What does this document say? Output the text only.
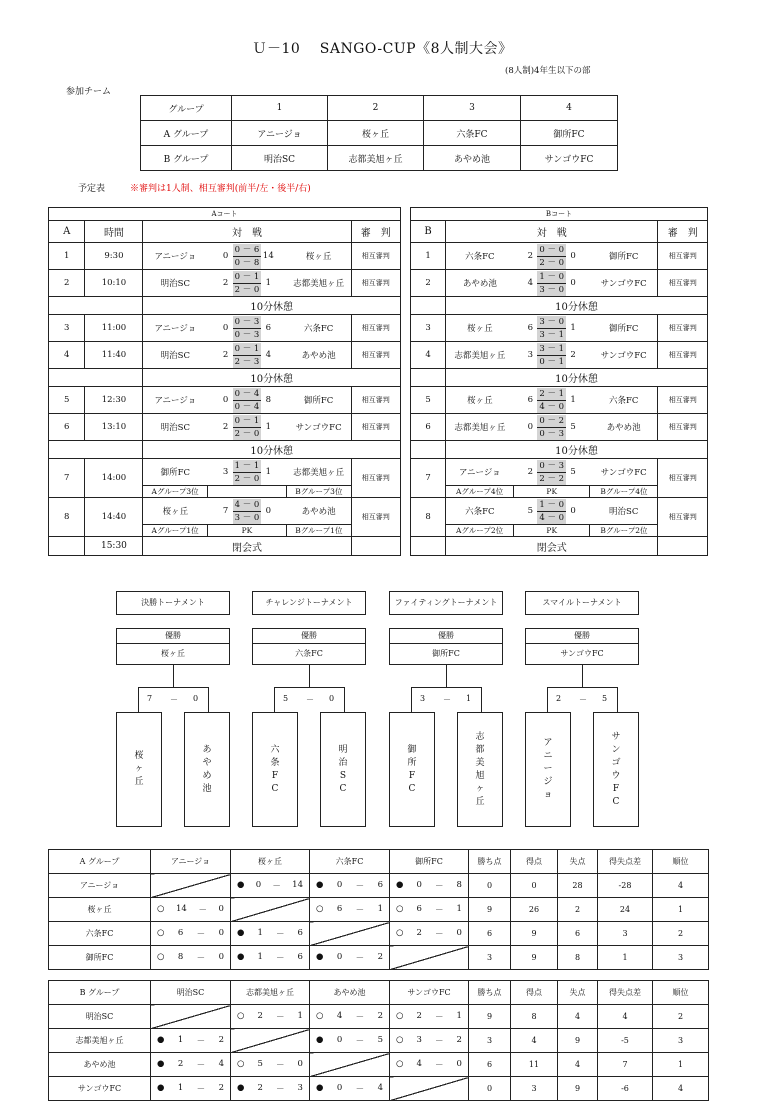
Ｕ－10　 SANGO-CUP《8人制大会》
(8人制)4年生以下の部
参加チーム
グループ	1	2	3	4
A グループ	アニージョ	桜ヶ丘	六条FC	御所FC
B グループ	明治SC	志都美旭ヶ丘	あやめ池	サンゴウFC
予定表	※審判は1人制、相互審判(前半/左・後半/右)
Aコート					
A	時間	対　戦			審　判
1	9:30	アニージョ	$0 \frac{0 - 6}{0 - 8} 14$	桜ヶ丘	相互審判
2	10:10	明治SC	$2 \frac{0 - 1}{2 - 0} 1$	志都美旭ヶ丘	相互審判
		10分休憩			
3	11:00	アニージョ	$0 \frac{0 - 3}{0 - 3} 6$	六条FC	相互審判
4	11:40	明治SC	$2 \frac{0 - 1}{2 - 3} 4$	あやめ池	相互審判
		10分休憩			
5	12:30	アニージョ	$0 \frac{0 - 4}{0 - 4} 8$	御所FC	相互審判
6	13:10	明治SC	$2 \frac{0 - 1}{2 - 0} 1$	サンゴウFC	相互審判
		10分休憩			
7	14:00	御所FC	$3 \frac{1 - 1}{2 - 0} 1$	志都美旭ヶ丘	相互審判
		Aグループ3位		Bグループ3位	
8	14:40	桜ヶ丘	$7 \frac{4 - 0}{3 - 0} 0$	あやめ池	相互審判
		Aグループ1位	PK	Bグループ1位	
	15:30	閉会式			
Bコート				
B	対　戦			審　判
1	六条FC	$2 \frac{0 - 0}{2 - 0} 0$	御所FC	相互審判
2	あやめ池	$4 \frac{1 - 0}{3 - 0} 0$	サンゴウFC	相互審判
	10分休憩			
3	桜ヶ丘	$6 \frac{3 - 0}{3 - 1} 1$	御所FC	相互審判
4	志都美旭ヶ丘	$3 \frac{3 - 1}{0 - 1} 2$	サンゴウFC	相互審判
	10分休憩			
5	桜ヶ丘	$6 \frac{2 - 1}{4 - 0} 1$	六条FC	相互審判
6	志都美旭ヶ丘	$0 \frac{0 - 2}{0 - 3} 5$	あやめ池	相互審判
	10分休憩			
7	アニージョ	$2 \frac{0 - 3}{2 - 2} 5$	サンゴウFC	相互審判
	Aグループ4位	PK	Bグループ4位	
8	六条FC	$5 \frac{1 - 0}{4 - 0} 0$	明治SC	相互審判
	Aグループ2位	PK	Bグループ2位	
	閉会式			
決勝トーナメント
優勝
桜ヶ丘
7 － 0
桜ヶ丘
あやめ池
チャレンジトーナメント
優勝
六条FC
5 － 0
六条FC
明治SC
ファイティングトーナメント
優勝
御所FC
3 － 1
御所FC
志都美旭ヶ丘
スマイルトーナメント
優勝
サンゴウFC
2 － 5
アニージョ
サンゴウFC
A グループ	アニージョ	桜ヶ丘	六条FC	御所FC	勝ち点	得点	失点	得失点差	順位
アニージョ		● 0 － 14	● 0 － 6	● 0 － 8	0	0	28	-28	4
桜ヶ丘	○ 14 － 0		○ 6 － 1	○ 6 － 1	9	26	2	24	1
六条FC	○ 6 － 0	● 1 － 6		○ 2 － 0	6	9	6	3	2
御所FC	○ 8 － 0	● 1 － 6	● 0 － 2		3	9	8	1	3
B グループ	明治SC	志都美旭ヶ丘	あやめ池	サンゴウFC	勝ち点	得点	失点	得失点差	順位
明治SC		○ 2 － 1	○ 4 － 2	○ 2 － 1	9	8	4	4	2
志都美旭ヶ丘	● 1 － 2		● 0 － 5	○ 3 － 2	3	4	9	-5	3
あやめ池	● 2 － 4	○ 5 － 0		○ 4 － 0	6	11	4	7	1
サンゴウFC	● 1 － 2	● 2 － 3	● 0 － 4		0	3	9	-6	4
